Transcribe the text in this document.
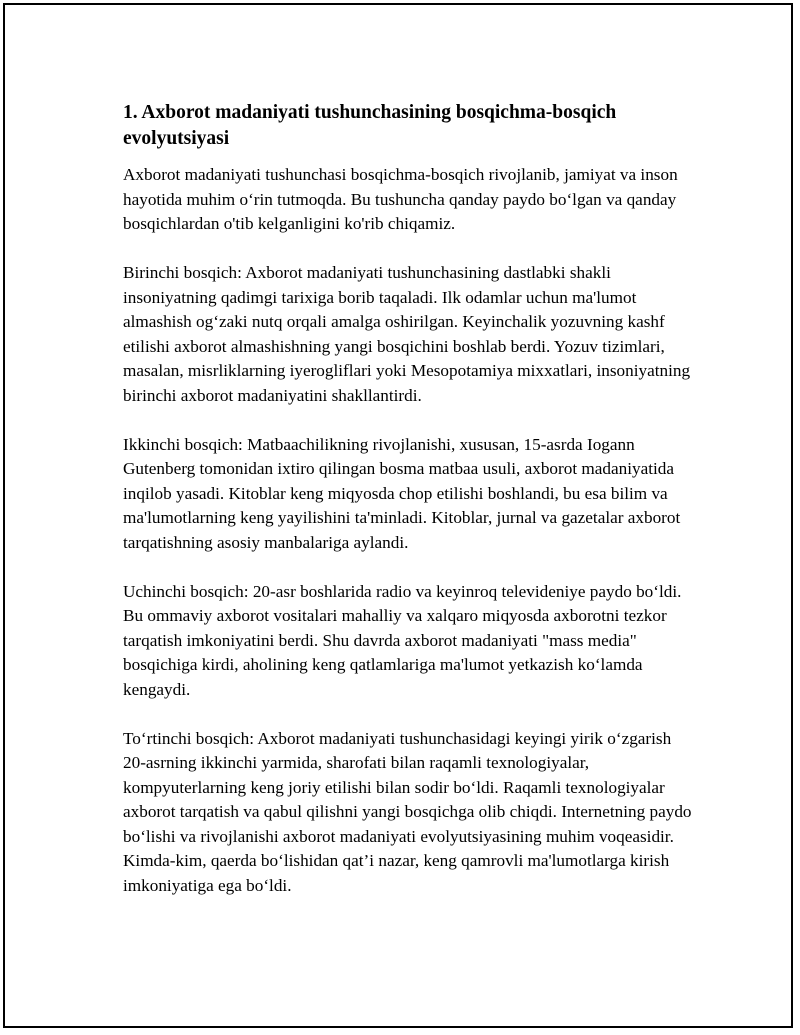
1. Axborot madaniyati tushunchasining bosqichma-bosqich evolyutsiyasi

Axborot madaniyati tushunchasi bosqichma-bosqich rivojlanib, jamiyat va inson hayotida muhim o‘rin tutmoqda. Bu tushuncha qanday paydo bo‘lgan va qanday bosqichlardan o'tib kelganligini ko'rib chiqamiz.

Birinchi bosqich: Axborot madaniyati tushunchasining dastlabki shakli insoniyatning qadimgi tarixiga borib taqaladi. Ilk odamlar uchun ma'lumot almashish og‘zaki nutq orqali amalga oshirilgan. Keyinchalik yozuvning kashf etilishi axborot almashishning yangi bosqichini boshlab berdi. Yozuv tizimlari, masalan, misrliklarning iyerogliflari yoki Mesopotamiya mixxatlari, insoniyatning birinchi axborot madaniyatini shakllantirdi.

Ikkinchi bosqich: Matbaachilikning rivojlanishi, xususan, 15-asrda Iogann Gutenberg tomonidan ixtiro qilingan bosma matbaa usuli, axborot madaniyatida inqilob yasadi. Kitoblar keng miqyosda chop etilishi boshlandi, bu esa bilim va ma'lumotlarning keng yayilishini ta'minladi. Kitoblar, jurnal va gazetalar axborot tarqatishning asosiy manbalariga aylandi.

Uchinchi bosqich: 20-asr boshlarida radio va keyinroq televideniye paydo bo‘ldi. Bu ommaviy axborot vositalari mahalliy va xalqaro miqyosda axborotni tezkor tarqatish imkoniyatini berdi. Shu davrda axborot madaniyati "mass media" bosqichiga kirdi, aholining keng qatlamlariga ma'lumot yetkazish ko‘lamda kengaydi.

To‘rtinchi bosqich: Axborot madaniyati tushunchasidagi keyingi yirik o‘zgarish 20-asrning ikkinchi yarmida, sharofati bilan raqamli texnologiyalar, kompyuterlarning keng joriy etilishi bilan sodir bo‘ldi. Raqamli texnologiyalar axborot tarqatish va qabul qilishni yangi bosqichga olib chiqdi. Internetning paydo bo‘lishi va rivojlanishi axborot madaniyati evolyutsiyasining muhim voqeasidir. Kimda-kim, qaerda bo‘lishidan qat’i nazar, keng qamrovli ma'lumotlarga kirish imkoniyatiga ega bo‘ldi.
